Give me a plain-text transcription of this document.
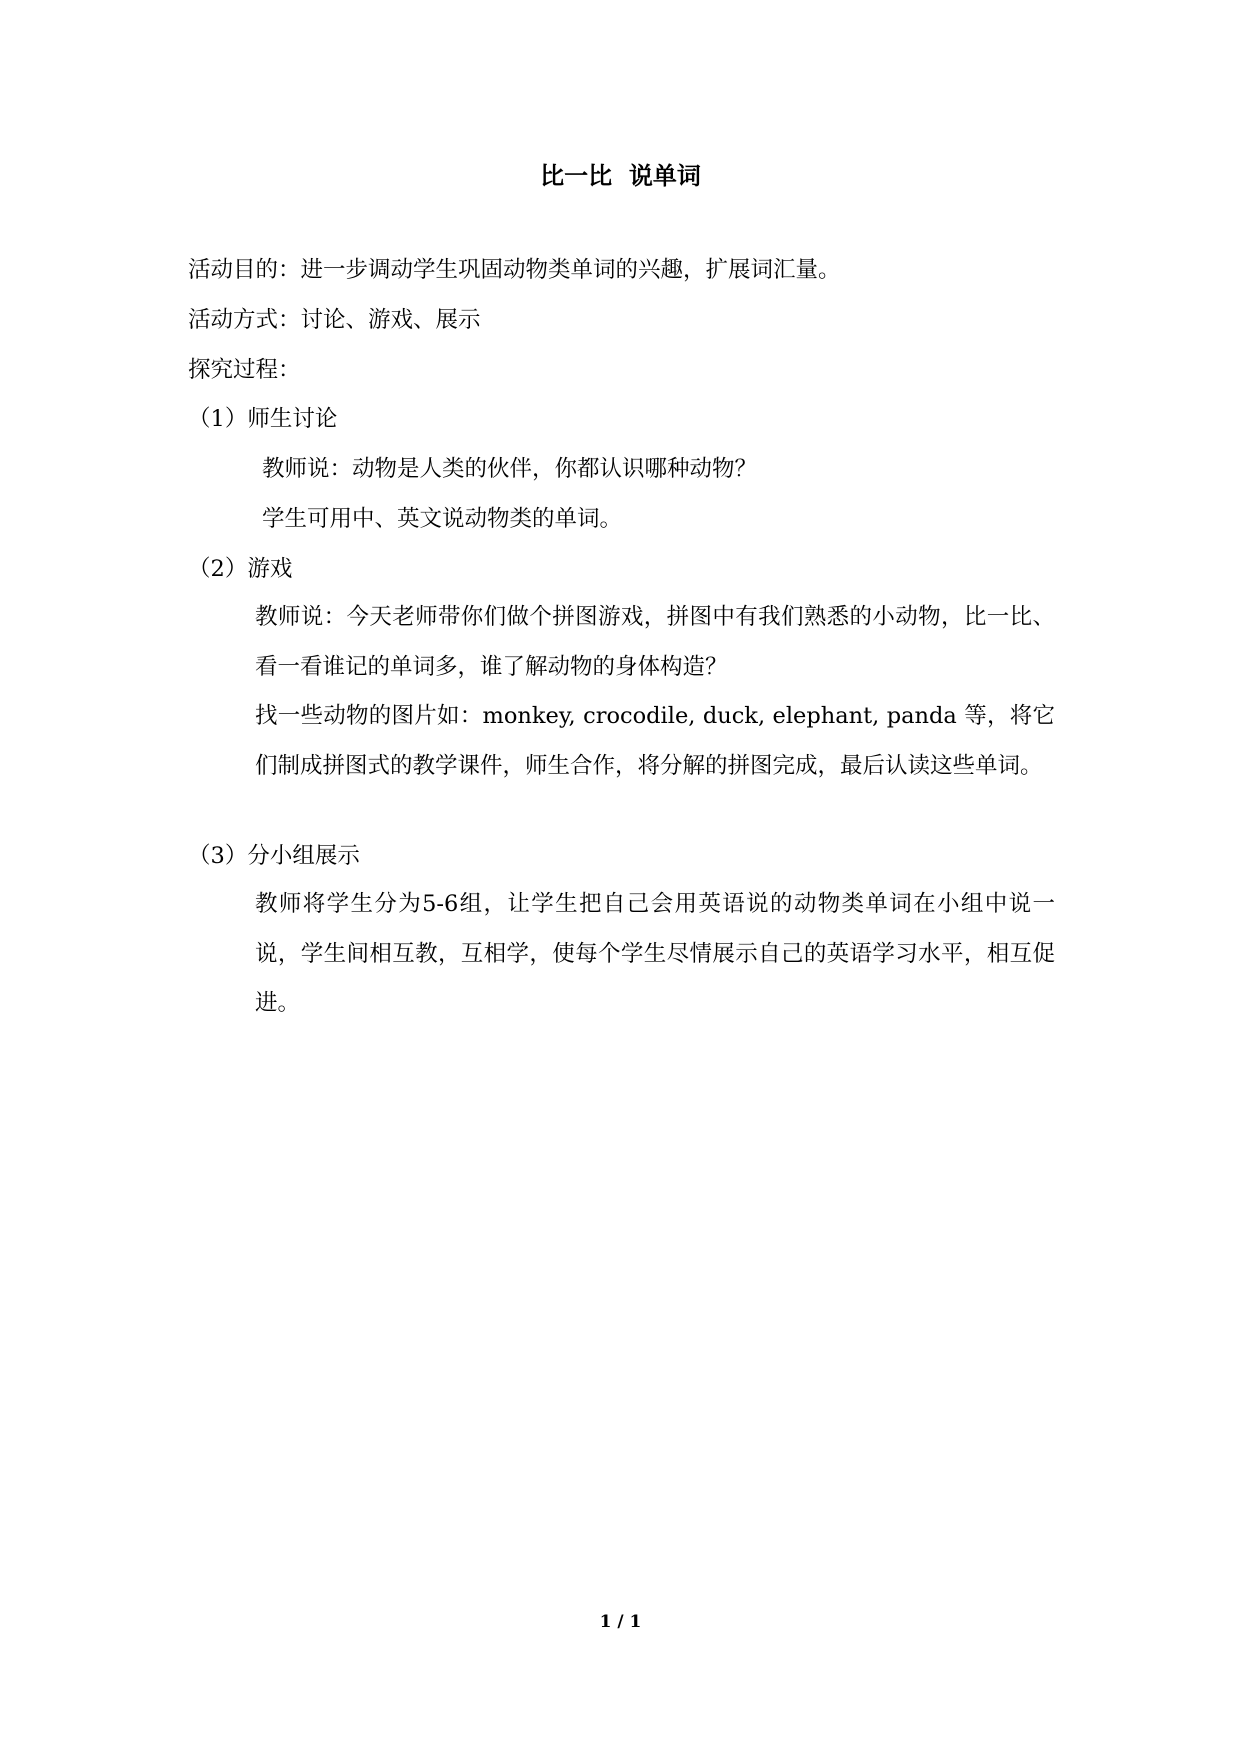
比一比  说单词
活动目的：进一步调动学生巩固动物类单词的兴趣，扩展词汇量。
活动方式：讨论、游戏、展示
探究过程：
（1）师生讨论
教师说：动物是人类的伙伴，你都认识哪种动物？
学生可用中、英文说动物类的单词。
（2）游戏
教师说：今天老师带你们做个拼图游戏，拼图中有我们熟悉的小动物，比一比、看一看谁记的单词多，谁了解动物的身体构造？
找一些动物的图片如：monkey, crocodile, duck, elephant, panda 等，将它们制成拼图式的教学课件，师生合作，将分解的拼图完成，最后认读这些单词。
（3）分小组展示
教师将学生分为5-6组，让学生把自己会用英语说的动物类单词在小组中说一说，学生间相互教，互相学，使每个学生尽情展示自己的英语学习水平，相互促进。
1 / 1
